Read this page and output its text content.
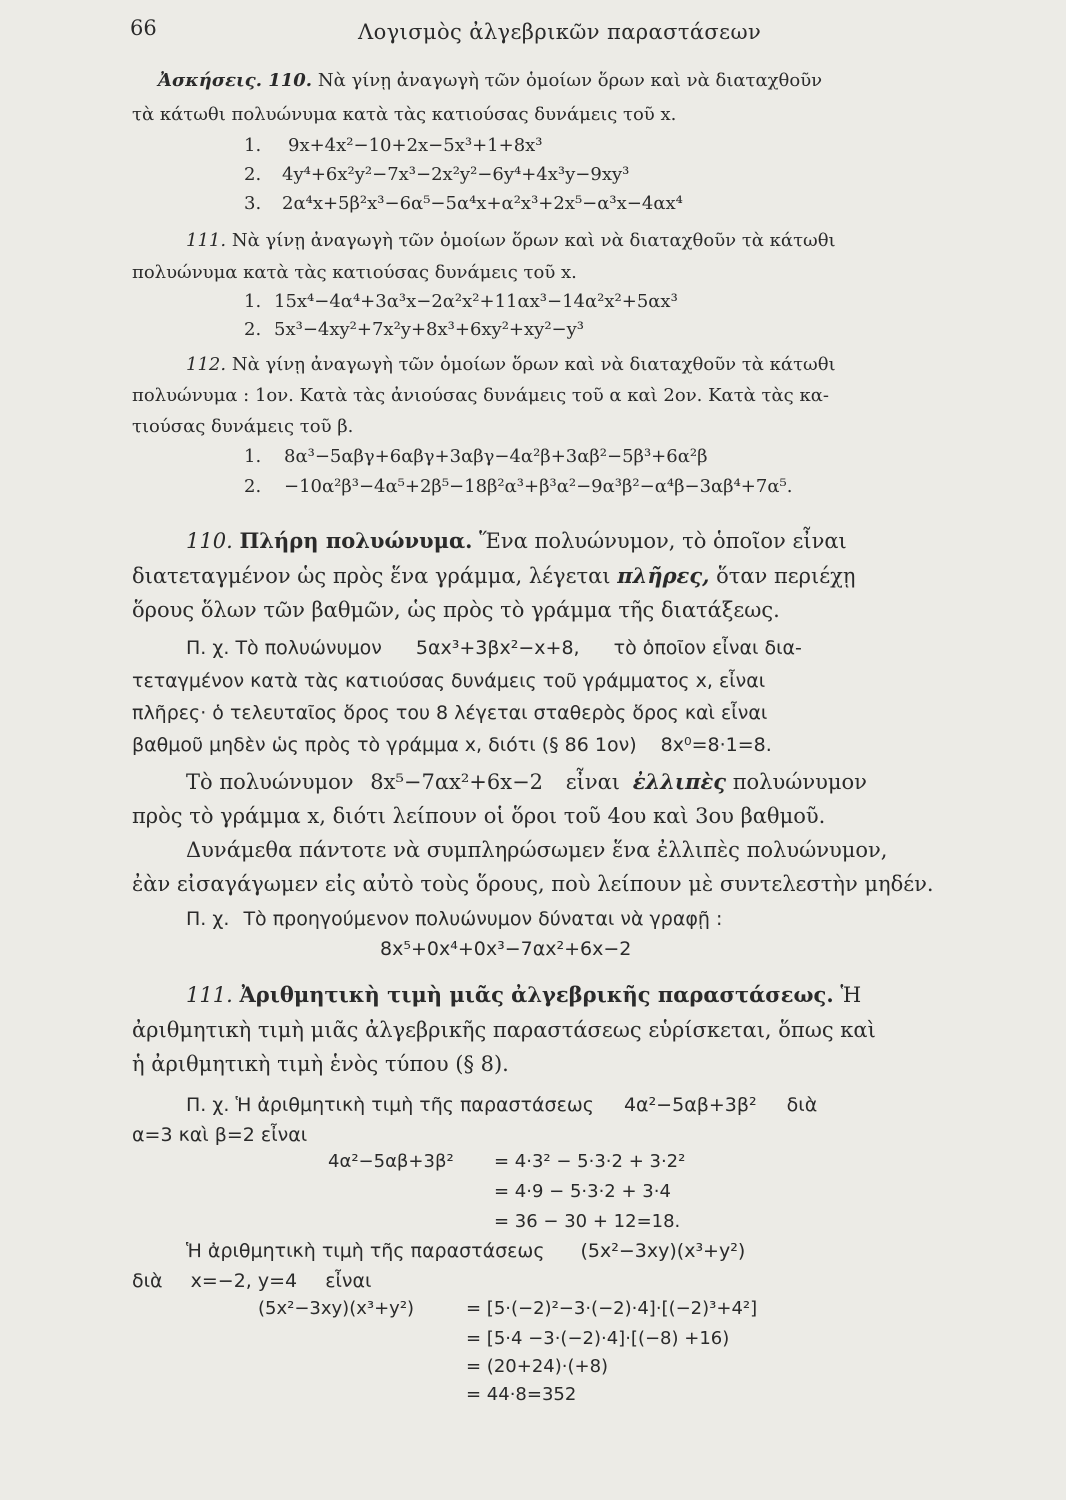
66	Λογισμὸς ἀλγεβρικῶν παραστάσεων
Ἀσκήσεις. 110. Νὰ γίνῃ ἀναγωγὴ τῶν ὁμοίων ὅρων καὶ νὰ διαταχθοῦν
τὰ κάτωθι πολυώνυμα κατὰ τὰς κατιούσας δυνάμεις τοῦ x.
1. 9x+4x²−10+2x−5x³+1+8x³
2. 4y⁴+6x²y²−7x³−2x²y²−6y⁴+4x³y−9xy³
3. 2α⁴x+5β²x³−6α⁵−5α⁴x+α²x³+2x⁵−α³x−4αx⁴
111. Νὰ γίνῃ ἀναγωγὴ τῶν ὁμοίων ὅρων καὶ νὰ διαταχθοῦν τὰ κάτωθι
πολυώνυμα κατὰ τὰς κατιούσας δυνάμεις τοῦ x.
1. 15x⁴−4α⁴+3α³x−2α²x²+11αx³−14α²x²+5αx³
2. 5x³−4xy²+7x²y+8x³+6xy²+xy²−y³
112. Νὰ γίνῃ ἀναγωγὴ τῶν ὁμοίων ὅρων καὶ νὰ διαταχθοῦν τὰ κάτωθι
πολυώνυμα : 1ον. Κατὰ τὰς ἀνιούσας δυνάμεις τοῦ α καὶ 2ον. Κατὰ τὰς κα-
τιούσας δυνάμεις τοῦ β.
1. 8α³−5αβγ+6αβγ+3αβγ−4α²β+3αβ²−5β³+6α²β
2. −10α²β³−4α⁵+2β⁵−18β²α³+β³α²−9α³β²−α⁴β−3αβ⁴+7α⁵.
110. Πλήρη πολυώνυμα. Ἕνα πολυώνυμον, τὸ ὁποῖον εἶναι
διατεταγμένον ὡς πρὸς ἕνα γράμμα, λέγεται πλῆρες, ὅταν περιέχῃ
ὅρους ὅλων τῶν βαθμῶν, ὡς πρὸς τὸ γράμμα τῆς διατάξεως.
Π. χ. Τὸ πολυώνυμον 5αx³+3βx²−x+8, τὸ ὁποῖον εἶναι δια-
τεταγμένον κατὰ τὰς κατιούσας δυνάμεις τοῦ γράμματος x, εἶναι
πλῆρες· ὁ τελευταῖος ὅρος του 8 λέγεται σταθερὸς ὅρος καὶ εἶναι
βαθμοῦ μηδὲν ὡς πρὸς τὸ γράμμα x, διότι (§ 86 1ον) 8x⁰=8·1=8.
Τὸ πολυώνυμον 8x⁵−7αx²+6x−2 εἶναι ἐλλιπὲς πολυώνυμον
πρὸς τὸ γράμμα x, διότι λείπουν οἱ ὅροι τοῦ 4ου καὶ 3ου βαθμοῦ.
Δυνάμεθα πάντοτε νὰ συμπληρώσωμεν ἕνα ἐλλιπὲς πολυώνυμον,
ἐὰν εἰσαγάγωμεν εἰς αὐτὸ τοὺς ὅρους, ποὺ λείπουν μὲ συντελεστὴν μηδέν.
Π. χ. Τὸ προηγούμενον πολυώνυμον δύναται νὰ γραφῇ :
8x⁵+0x⁴+0x³−7αx²+6x−2
111. Ἀριθμητικὴ τιμὴ μιᾶς ἀλγεβρικῆς παραστάσεως. Ἡ
ἀριθμητικὴ τιμὴ μιᾶς ἀλγεβρικῆς παραστάσεως εὑρίσκεται, ὅπως καὶ
ἡ ἀριθμητικὴ τιμὴ ἑνὸς τύπου (§ 8).
Π. χ. Ἡ ἀριθμητικὴ τιμὴ τῆς παραστάσεως 4α²−5αβ+3β² διὰ
α=3 καὶ β=2 εἶναι
4α²−5αβ+3β² = 4·3² − 5·3·2 + 3·2²
= 4·9 − 5·3·2 + 3·4
= 36 − 30 + 12=18.
Ἡ ἀριθμητικὴ τιμὴ τῆς παραστάσεως (5x²−3xy)(x³+y²)
διὰ x=−2, y=4 εἶναι
(5x²−3xy)(x³+y²)	= [5·(−2)²−3·(−2)·4]·[(−2)³+4²]
= [5·4 −3·(−2)·4]·[(−8) +16)
= (20+24)·(+8)
= 44·8=352
